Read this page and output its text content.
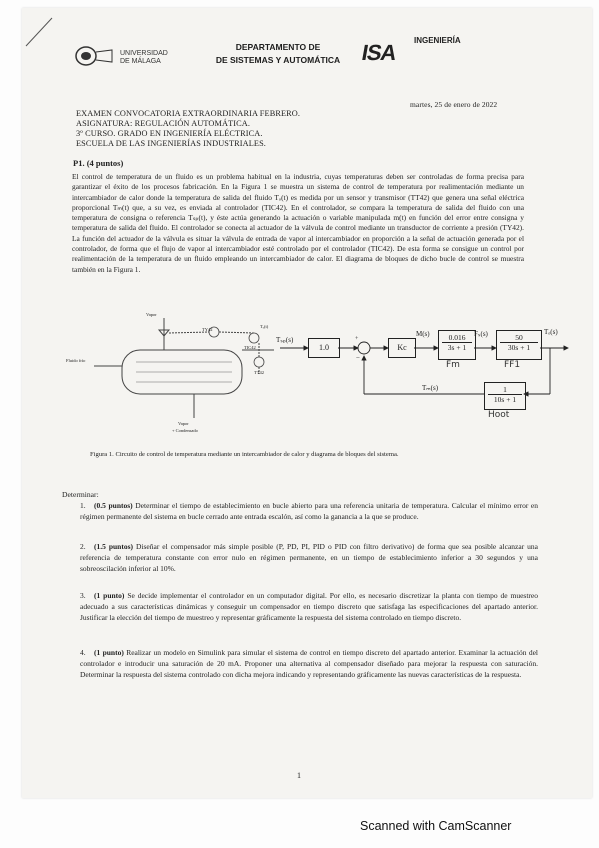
UNIVERSIDAD
DE MÁLAGA
DEPARTAMENTO DE
DE SISTEMAS Y AUTOMÁTICA ISA INGENIERÍA
martes, 25 de enero de 2022
EXAMEN CONVOCATORIA EXTRAORDINARIA FEBRERO.
ASIGNATURA: REGULACIÓN AUTOMÁTICA.
3º CURSO. GRADO EN INGENIERÍA ELÉCTRICA.
ESCUELA DE LAS INGENIERÍAS INDUSTRIALES.
P1. (4 puntos)
El control de temperatura de un fluido es un problema habitual en la industria, cuyas temperaturas deben ser controladas de forma precisa para garantizar el éxito de los procesos fabricación. En la Figura 1 se muestra un sistema de control de temperatura por realimentación mediante un intercambiador de calor donde la temperatura de salida del fluido Tₒ(t) es medida por un sensor y transmisor (TT42) que genera una señal eléctrica proporcional Tₘ(t) que, a su vez, es enviada al controlador (TIC42). En el controlador, se compara la temperatura de salida del fluido con una temperatura de consigna o referencia Tₛₚ(t), y éste actúa generando la actuación o variable manipulada m(t) en función del error entre consigna y temperatura de salida del fluido. El controlador se conecta al actuador de la válvula de control mediante un transductor de corriente a presión (TY42). La función del actuador de la válvula es situar la válvula de entrada de vapor al intercambiador en proporción a la señal de actuación generada por el controlador, de forma que el flujo de vapor al intercambiador esté controlado por el controlador (TIC42). De esta forma se consigue un control por realimentación de la temperatura de un fluido empleando un intercambiador de calor. El diagrama de bloques de dicho bucle de control se muestra también en la Figura 1.
Vapor
Fluido frío
Vapor
+ Condensado
Tₒ(t)
TIC42
TY42
TT42
Tₛₚ(s)
1.0
+
−
Kc
M(s)	0.016
3s + 1
Fm
Fₛ(s)	50
30s + 1
FF1
Tₒ(s)
1
10s + 1
Hoot
Tₘ(s)
Figura 1. Circuito de control de temperatura mediante un intercambiador de calor y diagrama de bloques del sistema.
Determinar:
1. (0.5 puntos) Determinar el tiempo de establecimiento en bucle abierto para una referencia unitaria de temperatura. Calcular el mínimo error en régimen permanente del sistema en bucle cerrado ante entrada escalón, así como la ganancia a la que se produce.
2. (1.5 puntos) Diseñar el compensador más simple posible (P, PD, PI, PID o PID con filtro derivativo) de forma que sea posible alcanzar una referencia de temperatura constante con error nulo en régimen permanente, en un tiempo de establecimiento inferior a 30 segundos y una sobreoscilación inferior al 10%.
3. (1 punto) Se decide implementar el controlador en un computador digital. Por ello, es necesario discretizar la planta con tiempo de muestreo adecuado a sus características dinámicas y conseguir un compensador en tiempo discreto que satisfaga las especificaciones del apartado anterior. Justificar la elección del tiempo de muestreo y representar gráficamente la respuesta del sistema controlado en tiempo discreto.
4. (1 punto) Realizar un modelo en Simulink para simular el sistema de control en tiempo discreto del apartado anterior. Examinar la actuación del controlador e introducir una saturación de 20 mA. Proponer una alternativa al compensador diseñado para mejorar la respuesta con saturación. Determinar la respuesta del sistema controlado con dicha mejora indicando y representando gráficamente las nuevas características de la respuesta.
1
Scanned with CamScanner
